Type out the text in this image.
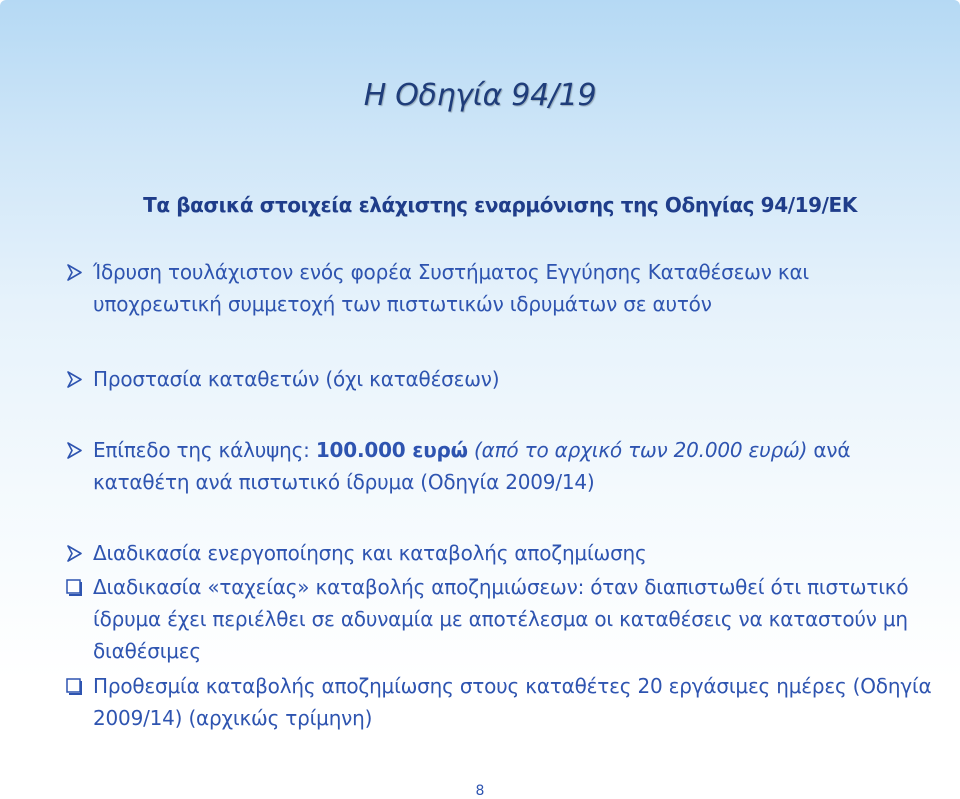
Η Οδηγία 94/19
Τα βασικά στοιχεία ελάχιστης εναρμόνισης της Οδηγίας 94/19/ΕΚ
Ίδρυση τουλάχιστον ενός φορέα Συστήματος Εγγύησης Καταθέσεων και υποχρεωτική συμμετοχή των πιστωτικών ιδρυμάτων σε αυτόν
Προστασία καταθετών (όχι καταθέσεων)
Επίπεδο της κάλυψης: 100.000 ευρώ (από το αρχικό των 20.000 ευρώ) ανά καταθέτη ανά πιστωτικό ίδρυμα (Οδηγία 2009/14)
Διαδικασία ενεργοποίησης και καταβολής αποζημίωσης
Διαδικασία «ταχείας» καταβολής αποζημιώσεων: όταν διαπιστωθεί ότι πιστωτικό ίδρυμα έχει περιέλθει σε αδυναμία με αποτέλεσμα οι καταθέσεις να καταστούν μη διαθέσιμες
Προθεσμία καταβολής αποζημίωσης στους καταθέτες 20 εργάσιμες ημέρες (Οδηγία 2009/14) (αρχικώς τρίμηνη)
8
